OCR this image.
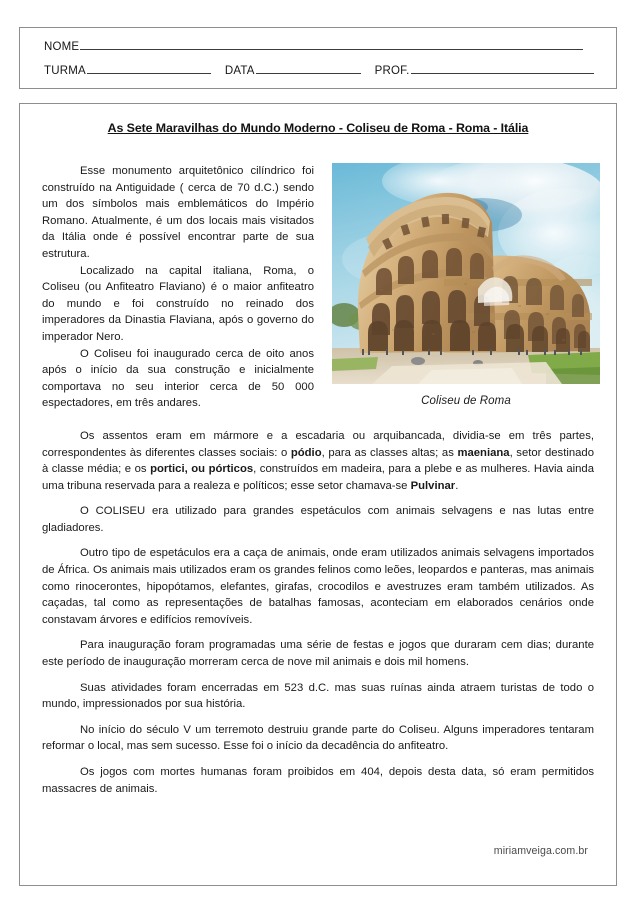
NOME
TURMA	DATA	PROF.
As Sete Maravilhas do Mundo Moderno - Coliseu de Roma - Roma - Itália

Esse monumento arquitetônico cilíndrico foi construído na Antiguidade ( cerca de 70 d.C.) sendo um dos símbolos mais emblemáticos do Império Romano. Atualmente, é um dos locais mais visitados da Itália onde é possível encontrar parte de sua estrutura.

Localizado na capital italiana, Roma, o Coliseu (ou Anfiteatro Flaviano) é o maior anfiteatro do mundo e foi construído no reinado dos imperadores da Dinastia Flaviana, após o governo do imperador Nero.

O Coliseu foi inaugurado cerca de oito anos após o início da sua construção e inicialmente comportava no seu interior cerca de 50 000 espectadores, em três andares.	Coliseu de Roma

Os assentos eram em mármore e a escadaria ou arquibancada, dividia-se em três partes, correspondentes às diferentes classes sociais: o pódio, para as classes altas; as maeniana, setor destinado à classe média; e os portici, ou pórticos, construídos em madeira, para a plebe e as mulheres. Havia ainda uma tribuna reservada para a realeza e políticos; esse setor chamava-se Pulvinar.

O COLISEU era utilizado para grandes espetáculos com animais selvagens e nas lutas entre gladiadores.

Outro tipo de espetáculos era a caça de animais, onde eram utilizados animais selvagens importados de África. Os animais mais utilizados eram os grandes felinos como leões, leopardos e panteras, mas animais como rinocerontes, hipopótamos, elefantes, girafas, crocodilos e avestruzes eram também utilizados. As caçadas, tal como as representações de batalhas famosas, aconteciam em elaborados cenários onde constavam árvores e edifícios removíveis.

Para inauguração foram programadas uma série de festas e jogos que duraram cem dias; durante este período de inauguração morreram cerca de nove mil animais e dois mil homens.

Suas atividades foram encerradas em 523 d.C. mas suas ruínas ainda atraem turistas de todo o mundo, impressionados por sua história.

No início do século V um terremoto destruiu grande parte do Coliseu. Alguns imperadores tentaram reformar o local, mas sem sucesso. Esse foi o início da decadência do anfiteatro.

Os jogos com mortes humanas foram proibidos em 404, depois desta data, só eram permitidos massacres de animais.

miriamveiga.com.br
